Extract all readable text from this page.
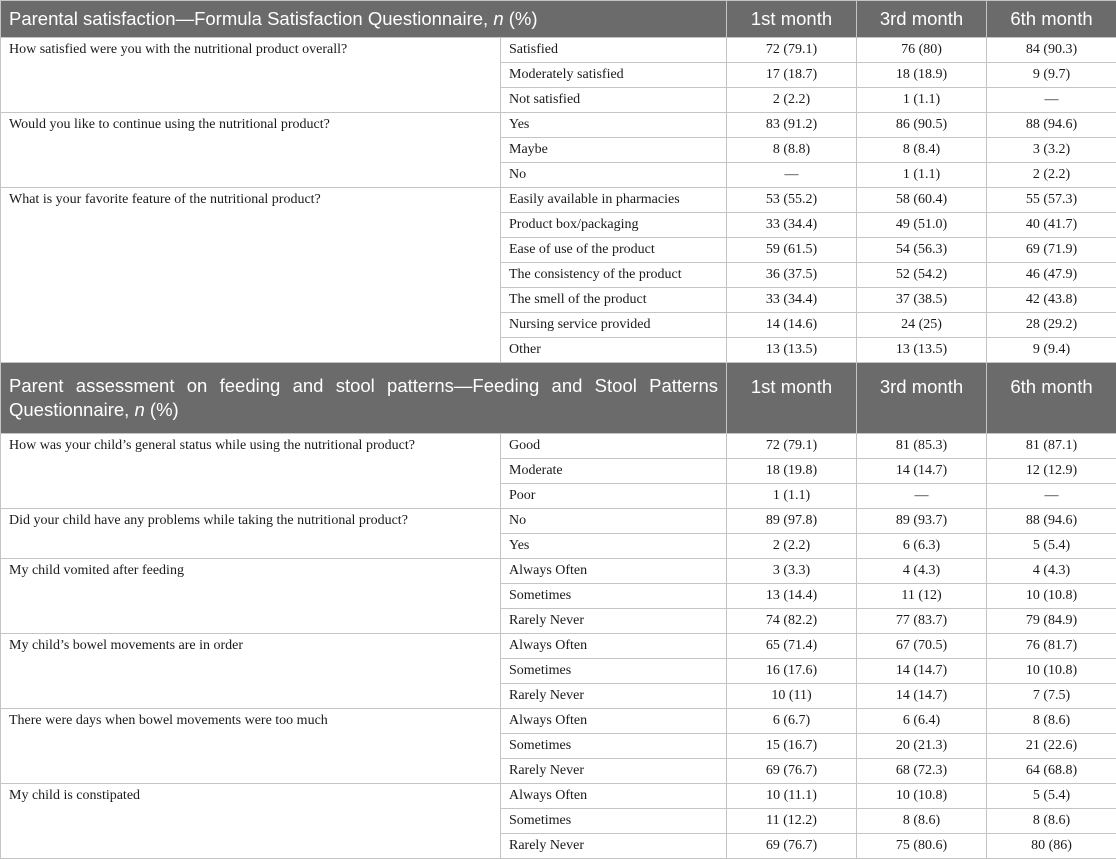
Parental satisfaction—Formula Satisfaction Questionnaire, n (%)		1st month	3rd month	6th month
How satisfied were you with the nutritional product overall?	Satisfied	72 (79.1)	76 (80)	84 (90.3)
	Moderately satisfied	17 (18.7)	18 (18.9)	9 (9.7)
	Not satisfied	2 (2.2)	1 (1.1)	—
Would you like to continue using the nutritional product?	Yes	83 (91.2)	86 (90.5)	88 (94.6)
	Maybe	8 (8.8)	8 (8.4)	3 (3.2)
	No	—	1 (1.1)	2 (2.2)
What is your favorite feature of the nutritional product?	Easily available in pharmacies	53 (55.2)	58 (60.4)	55 (57.3)
	Product box/packaging	33 (34.4)	49 (51.0)	40 (41.7)
	Ease of use of the product	59 (61.5)	54 (56.3)	69 (71.9)
	The consistency of the product	36 (37.5)	52 (54.2)	46 (47.9)
	The smell of the product	33 (34.4)	37 (38.5)	42 (43.8)
	Nursing service provided	14 (14.6)	24 (25)	28 (29.2)
	Other	13 (13.5)	13 (13.5)	9 (9.4)
Parent assessment on feeding and stool patterns—Feeding and Stool Patterns Questionnaire, n (%)		1st month	3rd month	6th month
How was your child’s general status while using the nutritional product?	Good	72 (79.1)	81 (85.3)	81 (87.1)
	Moderate	18 (19.8)	14 (14.7)	12 (12.9)
	Poor	1 (1.1)	—	—
Did your child have any problems while taking the nutritional product?	No	89 (97.8)	89 (93.7)	88 (94.6)
	Yes	2 (2.2)	6 (6.3)	5 (5.4)
My child vomited after feeding	Always Often	3 (3.3)	4 (4.3)	4 (4.3)
	Sometimes	13 (14.4)	11 (12)	10 (10.8)
	Rarely Never	74 (82.2)	77 (83.7)	79 (84.9)
My child’s bowel movements are in order	Always Often	65 (71.4)	67 (70.5)	76 (81.7)
	Sometimes	16 (17.6)	14 (14.7)	10 (10.8)
	Rarely Never	10 (11)	14 (14.7)	7 (7.5)
There were days when bowel movements were too much	Always Often	6 (6.7)	6 (6.4)	8 (8.6)
	Sometimes	15 (16.7)	20 (21.3)	21 (22.6)
	Rarely Never	69 (76.7)	68 (72.3)	64 (68.8)
My child is constipated	Always Often	10 (11.1)	10 (10.8)	5 (5.4)
	Sometimes	11 (12.2)	8 (8.6)	8 (8.6)
	Rarely Never	69 (76.7)	75 (80.6)	80 (86)
